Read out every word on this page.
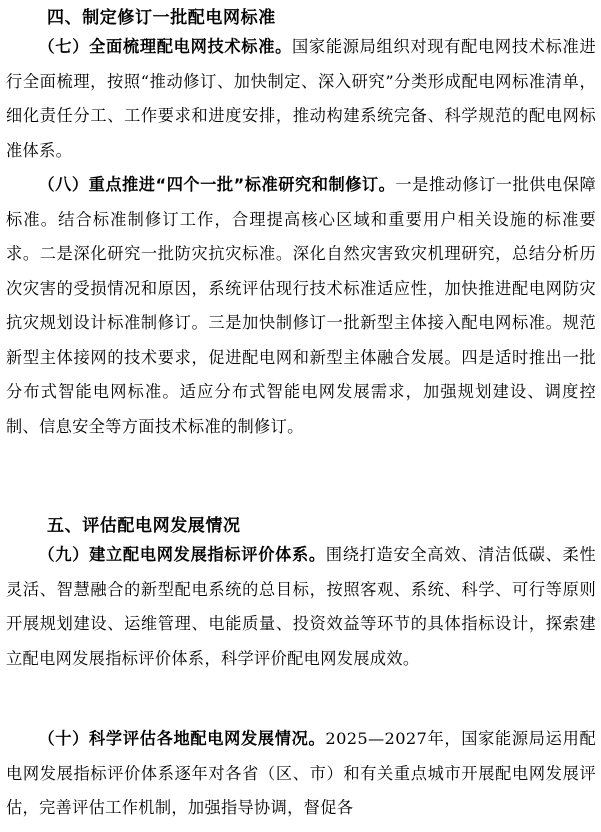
四、制定修订一批配电网标准

（七）全面梳理配电网技术标准。国家能源局组织对现有配电网技术标准进行全面梳理，按照“推动修订、加快制定、深入研究”分类形成配电网标准清单，细化责任分工、工作要求和进度安排，推动构建系统完备、科学规范的配电网标准体系。

（八）重点推进“四个一批”标准研究和制修订。一是推动修订一批供电保障标准。结合标准制修订工作，合理提高核心区域和重要用户相关设施的标准要求。二是深化研究一批防灾抗灾标准。深化自然灾害致灾机理研究，总结分析历次灾害的受损情况和原因，系统评估现行技术标准适应性，加快推进配电网防灾抗灾规划设计标准制修订。三是加快制修订一批新型主体接入配电网标准。规范新型主体接网的技术要求，促进配电网和新型主体融合发展。四是适时推出一批分布式智能电网标准。适应分布式智能电网发展需求，加强规划建设、调度控制、信息安全等方面技术标准的制修订。

五、评估配电网发展情况

（九）建立配电网发展指标评价体系。围绕打造安全高效、清洁低碳、柔性灵活、智慧融合的新型配电系统的总目标，按照客观、系统、科学、可行等原则开展规划建设、运维管理、电能质量、投资效益等环节的具体指标设计，探索建立配电网发展指标评价体系，科学评价配电网发展成效。

（十）科学评估各地配电网发展情况。2025—2027年，国家能源局运用配电网发展指标评价体系逐年对各省（区、市）和有关重点城市开展配电网发展评估，完善评估工作机制，加强指导协调，督促各
